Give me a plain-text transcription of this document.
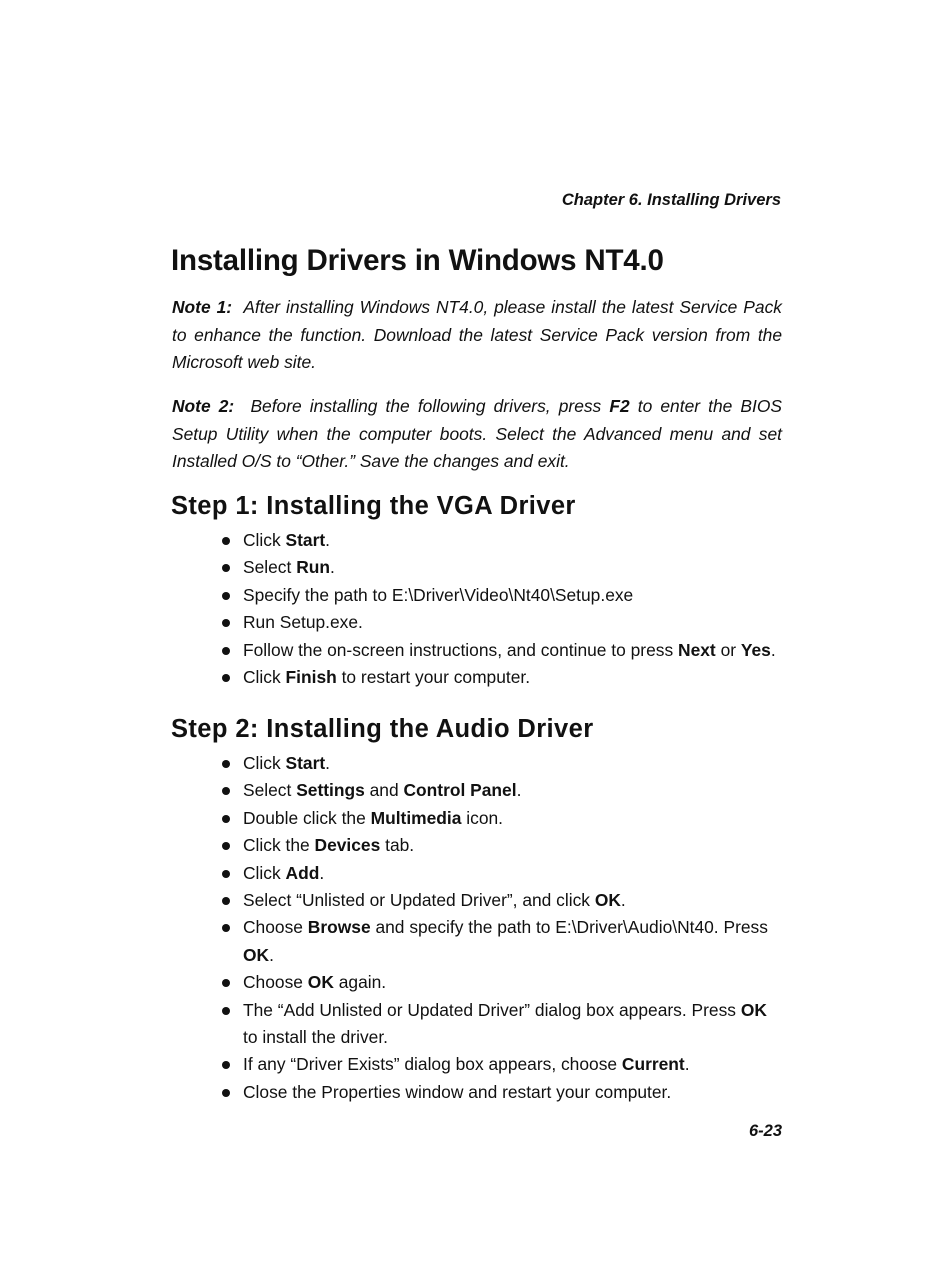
Chapter 6. Installing Drivers
Installing Drivers in Windows NT4.0

Note 1: After installing Windows NT4.0, please install the latest Service Pack to enhance the function. Download the latest Service Pack version from the Microsoft web site.

Note 2: Before installing the following drivers, press F2 to enter the BIOS Setup Utility when the computer boots. Select the Advanced menu and set Installed O/S to “Other.” Save the changes and exit.

Step 1: Installing the VGA Driver
Click Start.
Select Run.
Specify the path to E:\Driver\Video\Nt40\Setup.exe
Run Setup.exe.
Follow the on-screen instructions, and continue to press Next or Yes.
Click Finish to restart your computer.
Step 2: Installing the Audio Driver
Click Start.
Select Settings and Control Panel.
Double click the Multimedia icon.
Click the Devices tab.
Click Add.
Select “Unlisted or Updated Driver”, and click OK.
Choose Browse and specify the path to E:\Driver\Audio\Nt40. Press OK.
Choose OK again.
The “Add Unlisted or Updated Driver” dialog box appears. Press OK to install the driver.
If any “Driver Exists” dialog box appears, choose Current.
Close the Properties window and restart your computer.
6-23
